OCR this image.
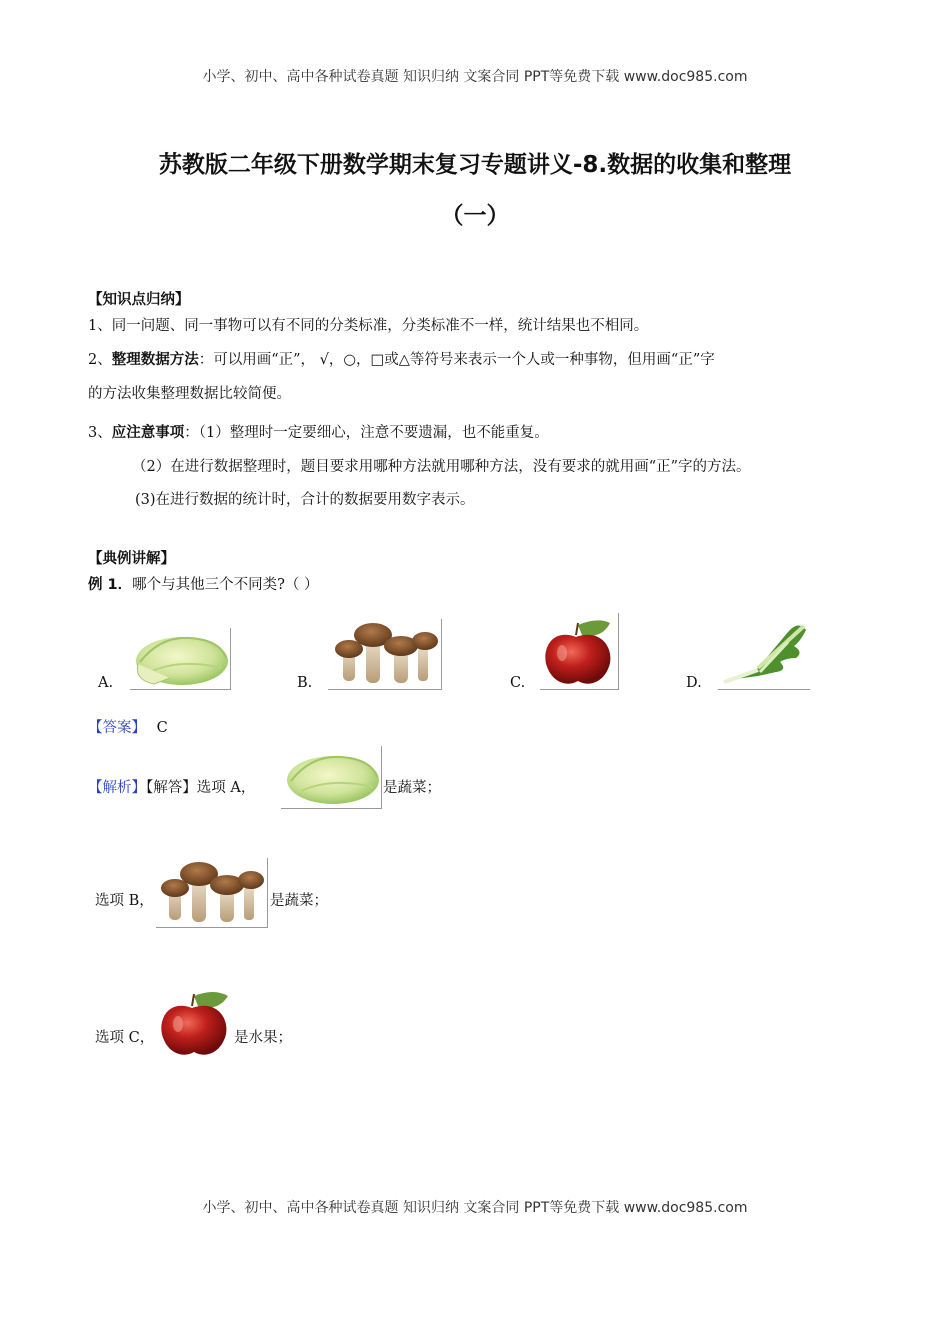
小学、初中、高中各种试卷真题 知识归纳 文案合同 PPT等免费下载 www.doc985.com
苏教版二年级下册数学期末复习专题讲义-8.数据的收集和整理
（一）
【知识点归纳】
1、同一问题、同一事物可以有不同的分类标准，分类标准不一样，统计结果也不相同。
2、整理数据方法：可以用画“正”， √，○，□或△等符号来表示一个人或一种事物，但用画“正”字
的方法收集整理数据比较简便。
3、应注意事项：（1）整理时一定要细心，注意不要遗漏，也不能重复。
（2）在进行数据整理时，题目要求用哪种方法就用哪种方法，没有要求的就用画“正”字的方法。
(3)在进行数据的统计时，合计的数据要用数字表示。
【典例讲解】
例 1．哪个与其他三个不同类?（ ）
A.	B.	C.	D.
【答案】 C
【解析】【解答】选项 A，	是蔬菜；
选项 B，	是蔬菜；
选项 C，	是水果；
小学、初中、高中各种试卷真题 知识归纳 文案合同 PPT等免费下载 www.doc985.com
